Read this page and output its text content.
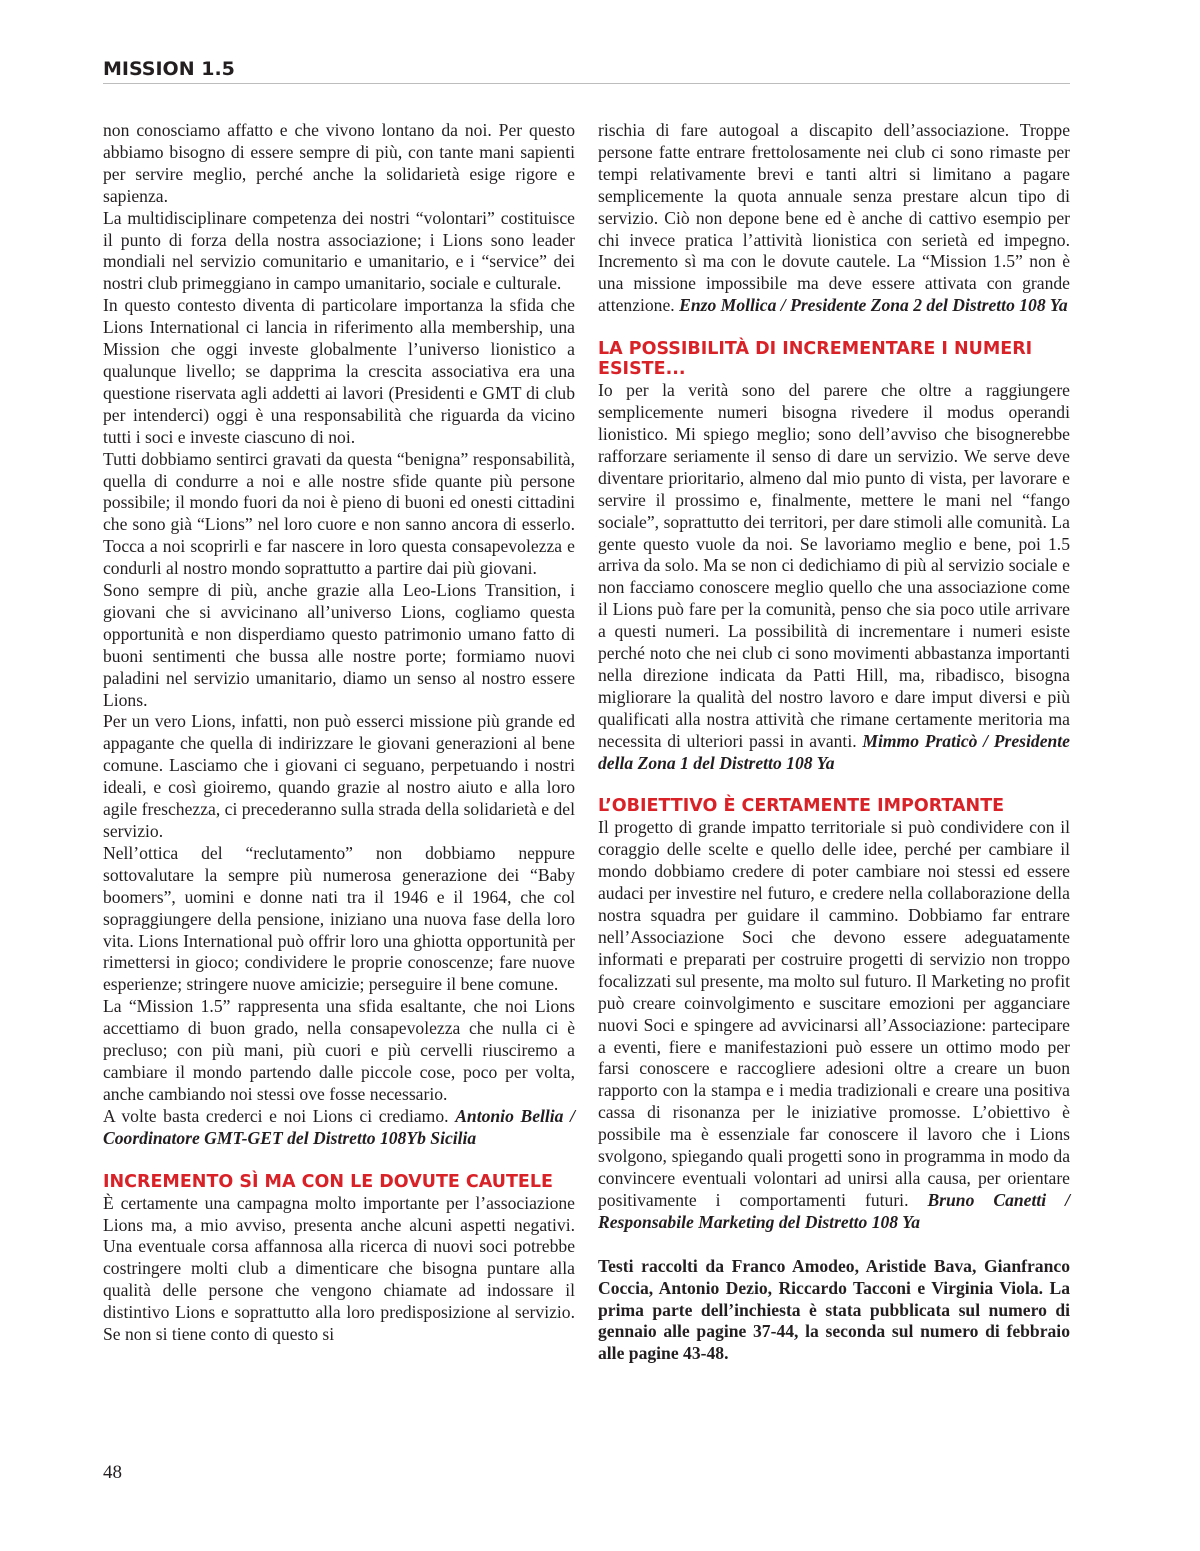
MISSION 1.5

non conosciamo affatto e che vivono lontano da noi. Per questo abbiamo bisogno di essere sempre di più, con tante mani sapienti per servire meglio, perché anche la solidarietà esige rigore e sapienza.

La multidisciplinare competenza dei nostri “volontari” costituisce il punto di forza della nostra associazione; i Lions sono leader mondiali nel servizio comunitario e umanitario, e i “service” dei nostri club primeggiano in campo umanitario, sociale e culturale.

In questo contesto diventa di particolare importanza la sfida che Lions International ci lancia in riferimento alla membership, una Mission che oggi investe globalmente l’universo lionistico a qualunque livello; se dapprima la crescita associativa era una questione riservata agli addetti ai lavori (Presidenti e GMT di club per intenderci) oggi è una responsabilità che riguarda da vicino tutti i soci e investe ciascuno di noi.

Tutti dobbiamo sentirci gravati da questa “benigna” responsabilità, quella di condurre a noi e alle nostre sfide quante più persone possibile; il mondo fuori da noi è pieno di buoni ed onesti cittadini che sono già “Lions” nel loro cuore e non sanno ancora di esserlo. Tocca a noi scoprirli e far nascere in loro questa consapevolezza e condurli al nostro mondo soprattutto a partire dai più giovani.

Sono sempre di più, anche grazie alla Leo-Lions Transition, i giovani che si avvicinano all’universo Lions, cogliamo questa opportunità e non disperdiamo questo patrimonio umano fatto di buoni sentimenti che bussa alle nostre porte; formiamo nuovi paladini nel servizio umanitario, diamo un senso al nostro essere Lions.

Per un vero Lions, infatti, non può esserci missione più grande ed appagante che quella di indirizzare le giovani generazioni al bene comune. Lasciamo che i giovani ci seguano, perpetuando i nostri ideali, e così gioiremo, quando grazie al nostro aiuto e alla loro agile freschezza, ci precederanno sulla strada della solidarietà e del servizio.

Nell’ottica del “reclutamento” non dobbiamo neppure sottovalutare la sempre più numerosa generazione dei “Baby boomers”, uomini e donne nati tra il 1946 e il 1964, che col sopraggiungere della pensione, iniziano una nuova fase della loro vita. Lions International può offrir loro una ghiotta opportunità per rimettersi in gioco; condividere le proprie conoscenze; fare nuove esperienze; stringere nuove amicizie; perseguire il bene comune.

La “Mission 1.5” rappresenta una sfida esaltante, che noi Lions accettiamo di buon grado, nella consapevolezza che nulla ci è precluso; con più mani, più cuori e più cervelli riusciremo a cambiare il mondo partendo dalle piccole cose, poco per volta, anche cambiando noi stessi ove fosse necessario.

A volte basta crederci e noi Lions ci crediamo. Antonio Bellia / Coordinatore GMT-GET del Distretto 108Yb Sicilia

INCREMENTO SÌ MA CON LE DOVUTE CAUTELE

È certamente una campagna molto importante per l’associazione Lions ma, a mio avviso, presenta anche alcuni aspetti negativi. Una eventuale corsa affannosa alla ricerca di nuovi soci potrebbe costringere molti club a dimenticare che bisogna puntare alla qualità delle persone che vengono chiamate ad indossare il distintivo Lions e soprattutto alla loro predisposizione al servizio. Se non si tiene conto di questo si

rischia di fare autogoal a discapito dell’associazione. Troppe persone fatte entrare frettolosamente nei club ci sono rimaste per tempi relativamente brevi e tanti altri si limitano a pagare semplicemente la quota annuale senza prestare alcun tipo di servizio. Ciò non depone bene ed è anche di cattivo esempio per chi invece pratica l’attività lionistica con serietà ed impegno. Incremento sì ma con le dovute cautele. La “Mission 1.5” non è una missione impossibile ma deve essere attivata con grande attenzione. Enzo Mollica / Presidente Zona 2 del Distretto 108 Ya

LA POSSIBILITÀ DI INCREMENTARE I NUMERI ESISTE...

Io per la verità sono del parere che oltre a raggiungere semplicemente numeri bisogna rivedere il modus operandi lionistico. Mi spiego meglio; sono dell’avviso che bisognerebbe rafforzare seriamente il senso di dare un servizio. We serve deve diventare prioritario, almeno dal mio punto di vista, per lavorare e servire il prossimo e, finalmente, mettere le mani nel “fango sociale”, soprattutto dei territori, per dare stimoli alle comunità. La gente questo vuole da noi. Se lavoriamo meglio e bene, poi 1.5 arriva da solo. Ma se non ci dedichiamo di più al servizio sociale e non facciamo conoscere meglio quello che una associazione come il Lions può fare per la comunità, penso che sia poco utile arrivare a questi numeri. La possibilità di incrementare i numeri esiste perché noto che nei club ci sono movimenti abbastanza importanti nella direzione indicata da Patti Hill, ma, ribadisco, bisogna migliorare la qualità del nostro lavoro e dare imput diversi e più qualificati alla nostra attività che rimane certamente meritoria ma necessita di ulteriori passi in avanti. Mimmo Praticò / Presidente della Zona 1 del Distretto 108 Ya

L’OBIETTIVO È CERTAMENTE IMPORTANTE

Il progetto di grande impatto territoriale si può condividere con il coraggio delle scelte e quello delle idee, perché per cambiare il mondo dobbiamo credere di poter cambiare noi stessi ed essere audaci per investire nel futuro, e credere nella collaborazione della nostra squadra per guidare il cammino. Dobbiamo far entrare nell’Associazione Soci che devono essere adeguatamente informati e preparati per costruire progetti di servizio non troppo focalizzati sul presente, ma molto sul futuro. Il Marketing no profit può creare coinvolgimento e suscitare emozioni per agganciare nuovi Soci e spingere ad avvicinarsi all’Associazione: partecipare a eventi, fiere e manifestazioni può essere un ottimo modo per farsi conoscere e raccogliere adesioni oltre a creare un buon rapporto con la stampa e i media tradizionali e creare una positiva cassa di risonanza per le iniziative promosse. L’obiettivo è possibile ma è essenziale far conoscere il lavoro che i Lions svolgono, spiegando quali progetti sono in programma in modo da convincere eventuali volontari ad unirsi alla causa, per orientare positivamente i comportamenti futuri. Bruno Canetti / Responsabile Marketing del Distretto 108 Ya

Testi raccolti da Franco Amodeo, Aristide Bava, Gianfranco Coccia, Antonio Dezio, Riccardo Tacconi e Virginia Viola. La prima parte dell’inchiesta è stata pubblicata sul numero di gennaio alle pagine 37-44, la seconda sul numero di febbraio alle pagine 43-48.

48
